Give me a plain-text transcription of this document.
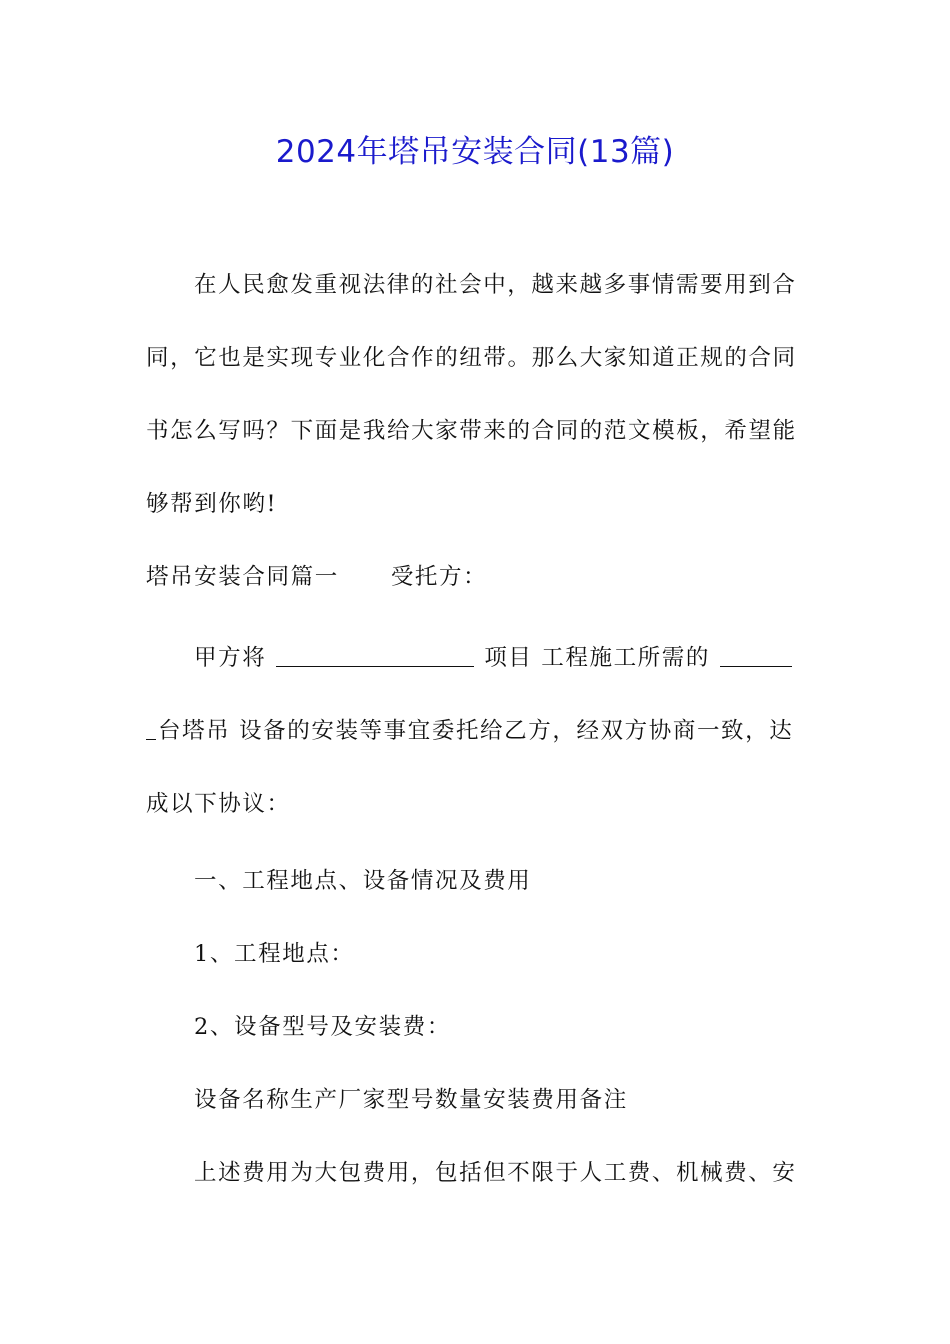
2024年塔吊安装合同(13篇)
在人民愈发重视法律的社会中，越来越多事情需要用到合
同，它也是实现专业化合作的纽带。那么大家知道正规的合同
书怎么写吗？下面是我给大家带来的合同的范文模板，希望能
够帮到你哟!
塔吊安装合同篇一 受托方：
甲方将	项目 工程施工所需的
台塔吊 设备的安装等事宜委托给乙方，经双方协商一致，达
成以下协议：
一、工程地点、设备情况及费用
1、工程地点：
2、设备型号及安装费：
设备名称生产厂家型号数量安装费用备注
上述费用为大包费用，包括但不限于人工费、机械费、安
